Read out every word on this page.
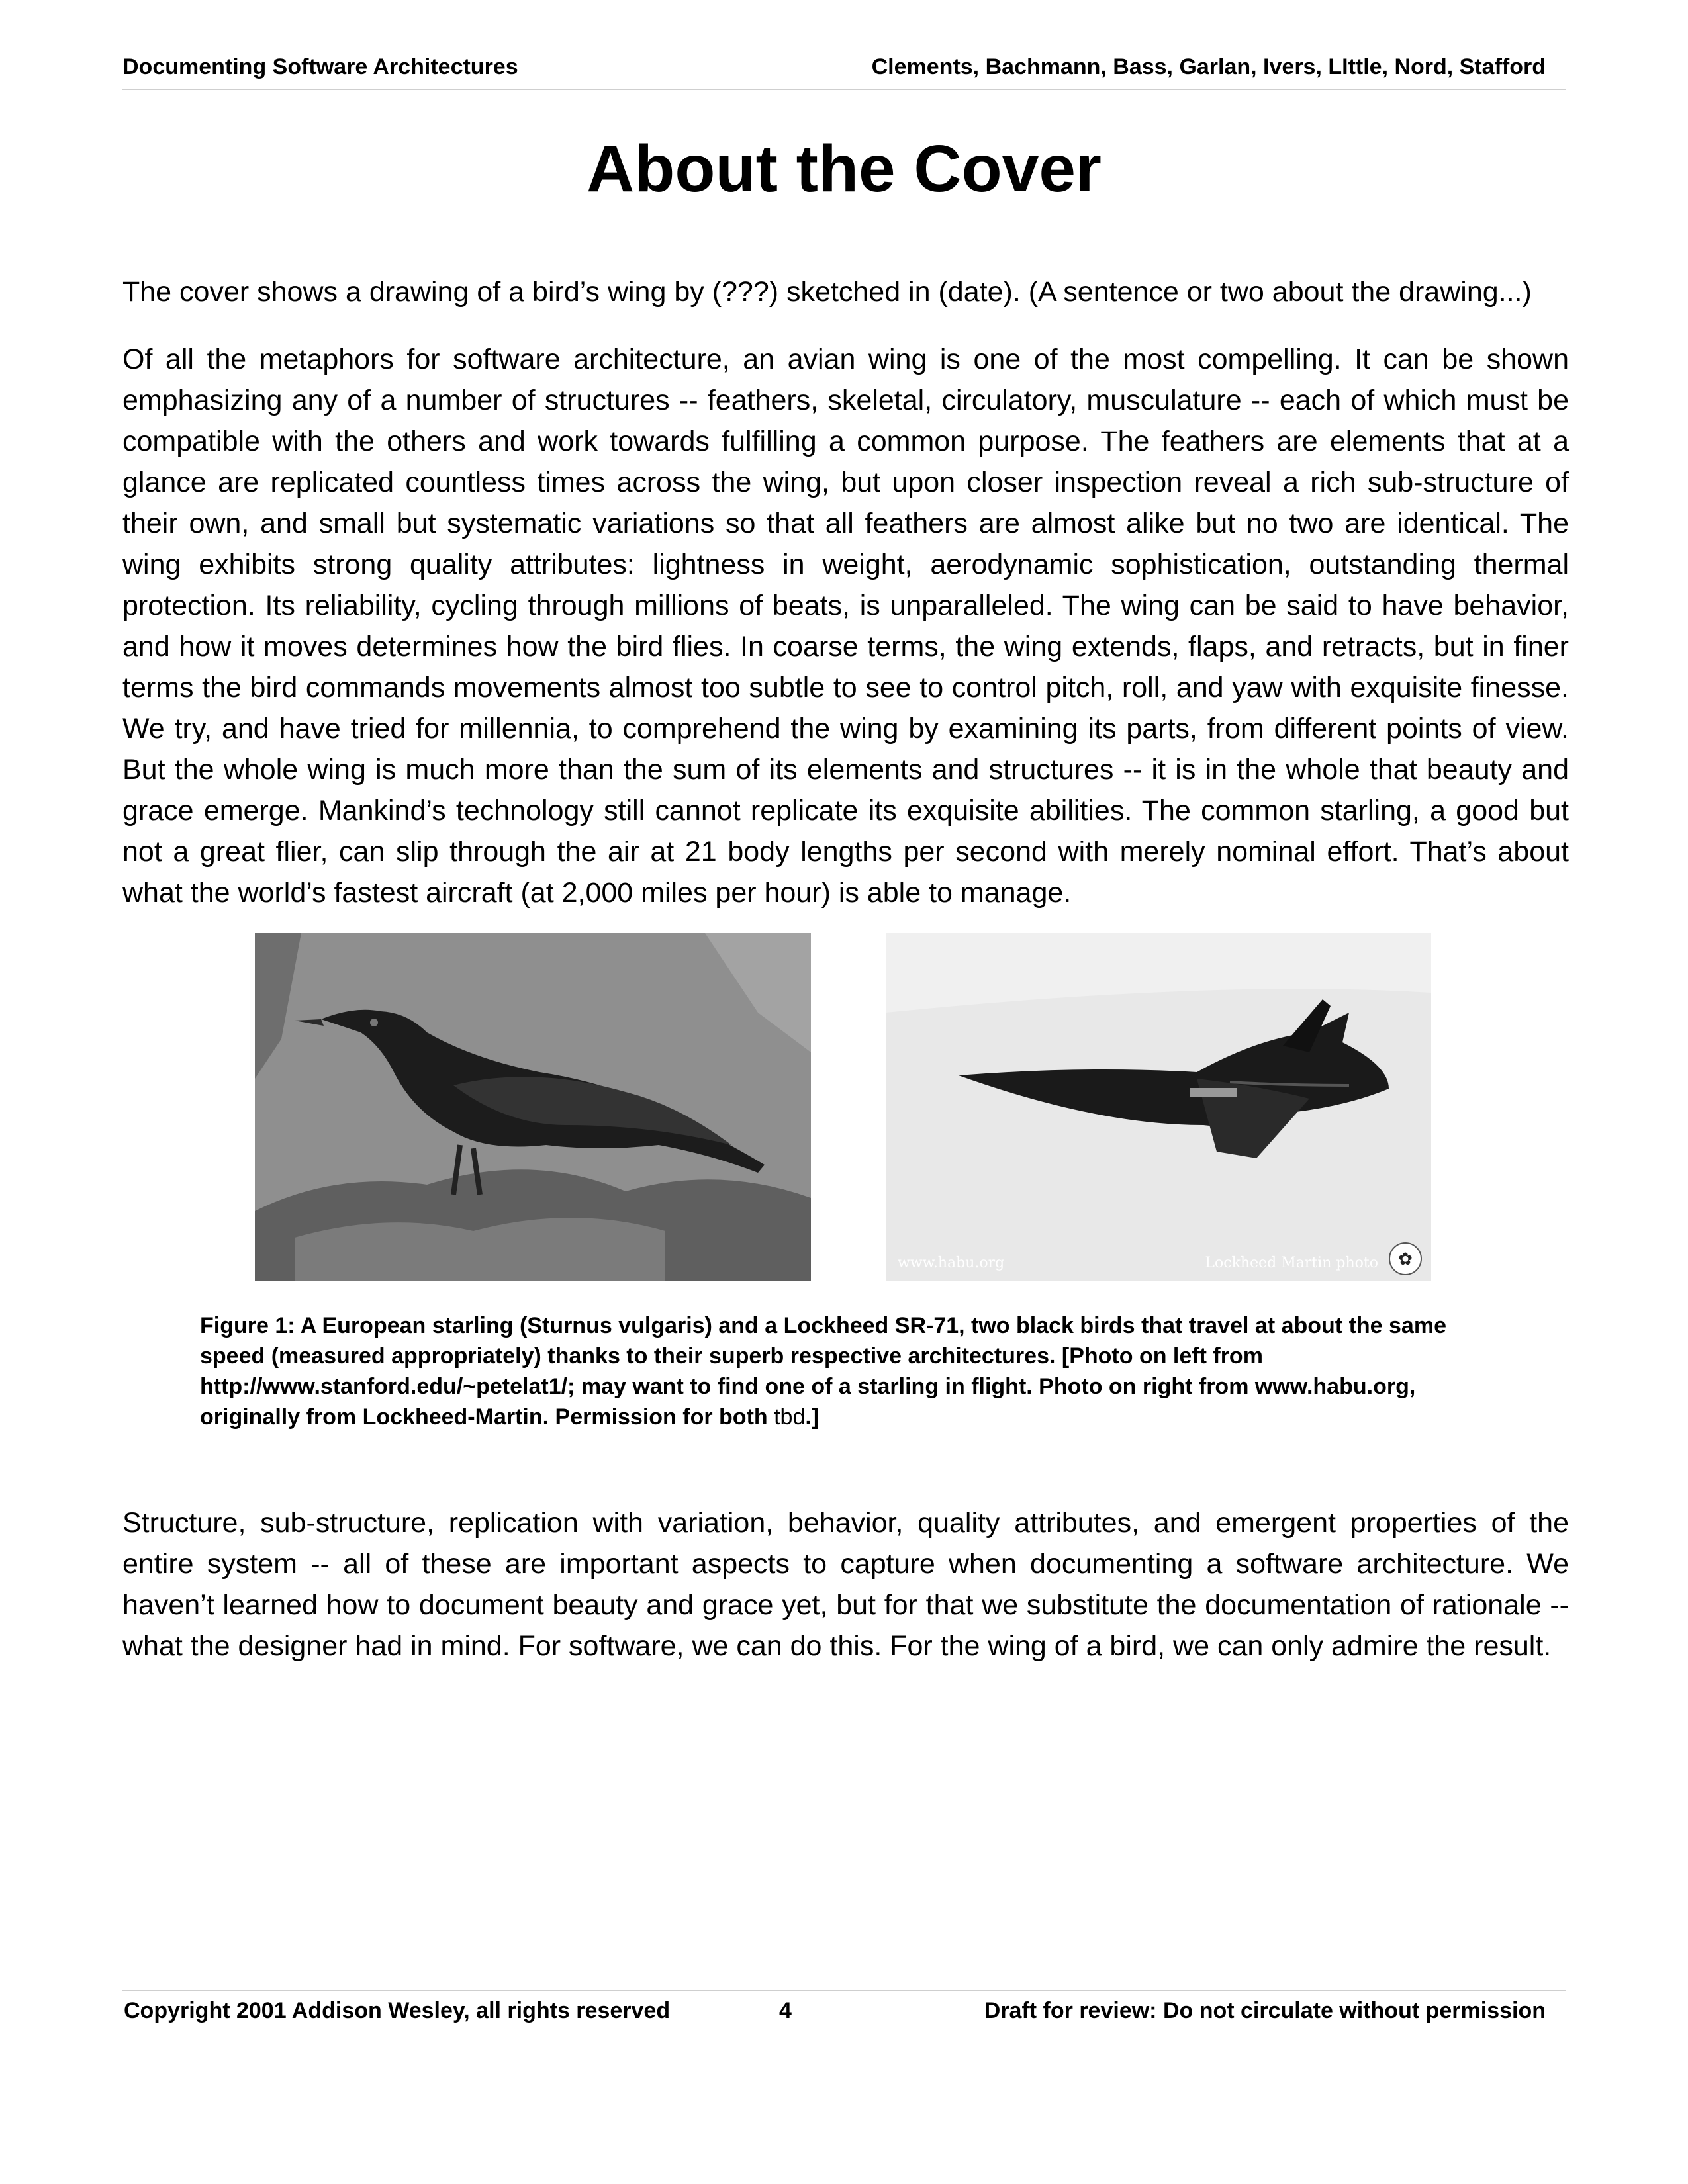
Documenting Software Architectures	Clements, Bachmann, Bass, Garlan, Ivers, LIttle, Nord, Stafford
About the Cover

The cover shows a drawing of a bird’s wing by (???) sketched in (date). (A sentence or two about the drawing...)

Of all the metaphors for software architecture, an avian wing is one of the most compelling. It can be shown emphasizing any of a number of structures -- feathers, skeletal, circulatory, musculature -- each of which must be compatible with the others and work towards fulfilling a common purpose. The feathers are elements that at a glance are replicated countless times across the wing, but upon closer inspection reveal a rich sub-structure of their own, and small but systematic variations so that all feathers are almost alike but no two are identical. The wing exhibits strong quality attributes: lightness in weight, aerodynamic sophistication, outstanding thermal protection. Its reliability, cycling through millions of beats, is unparalleled. The wing can be said to have behavior, and how it moves determines how the bird flies. In coarse terms, the wing extends, flaps, and retracts, but in finer terms the bird commands movements almost too subtle to see to control pitch, roll, and yaw with exquisite finesse. We try, and have tried for millennia, to comprehend the wing by examining its parts, from different points of view. But the whole wing is much more than the sum of its elements and structures -- it is in the whole that beauty and grace emerge. Mankind’s technology still cannot replicate its exquisite abilities. The common starling, a good but not a great flier, can slip through the air at 21 body lengths per second with merely nominal effort. That’s about what the world’s fastest aircraft (at 2,000 miles per hour) is able to manage.

www.habu.org	Lockheed Martin photo	✿
Figure 1: A European starling (Sturnus vulgaris) and a Lockheed SR-71, two black birds that travel at about the same speed (measured appropriately) thanks to their superb respective architectures. [Photo on left from http://www.stanford.edu/~petelat1/; may want to find one of a starling in flight. Photo on right from www.habu.org, originally from Lockheed-Martin. Permission for both tbd.]

Structure, sub-structure, replication with variation, behavior, quality attributes, and emergent properties of the entire system -- all of these are important aspects to capture when documenting a software architecture. We haven’t learned how to document beauty and grace yet, but for that we substitute the documentation of rationale -- what the designer had in mind. For software, we can do this. For the wing of a bird, we can only admire the result.

Copyright 2001 Addison Wesley, all rights reserved	4	Draft for review: Do not circulate without permission
